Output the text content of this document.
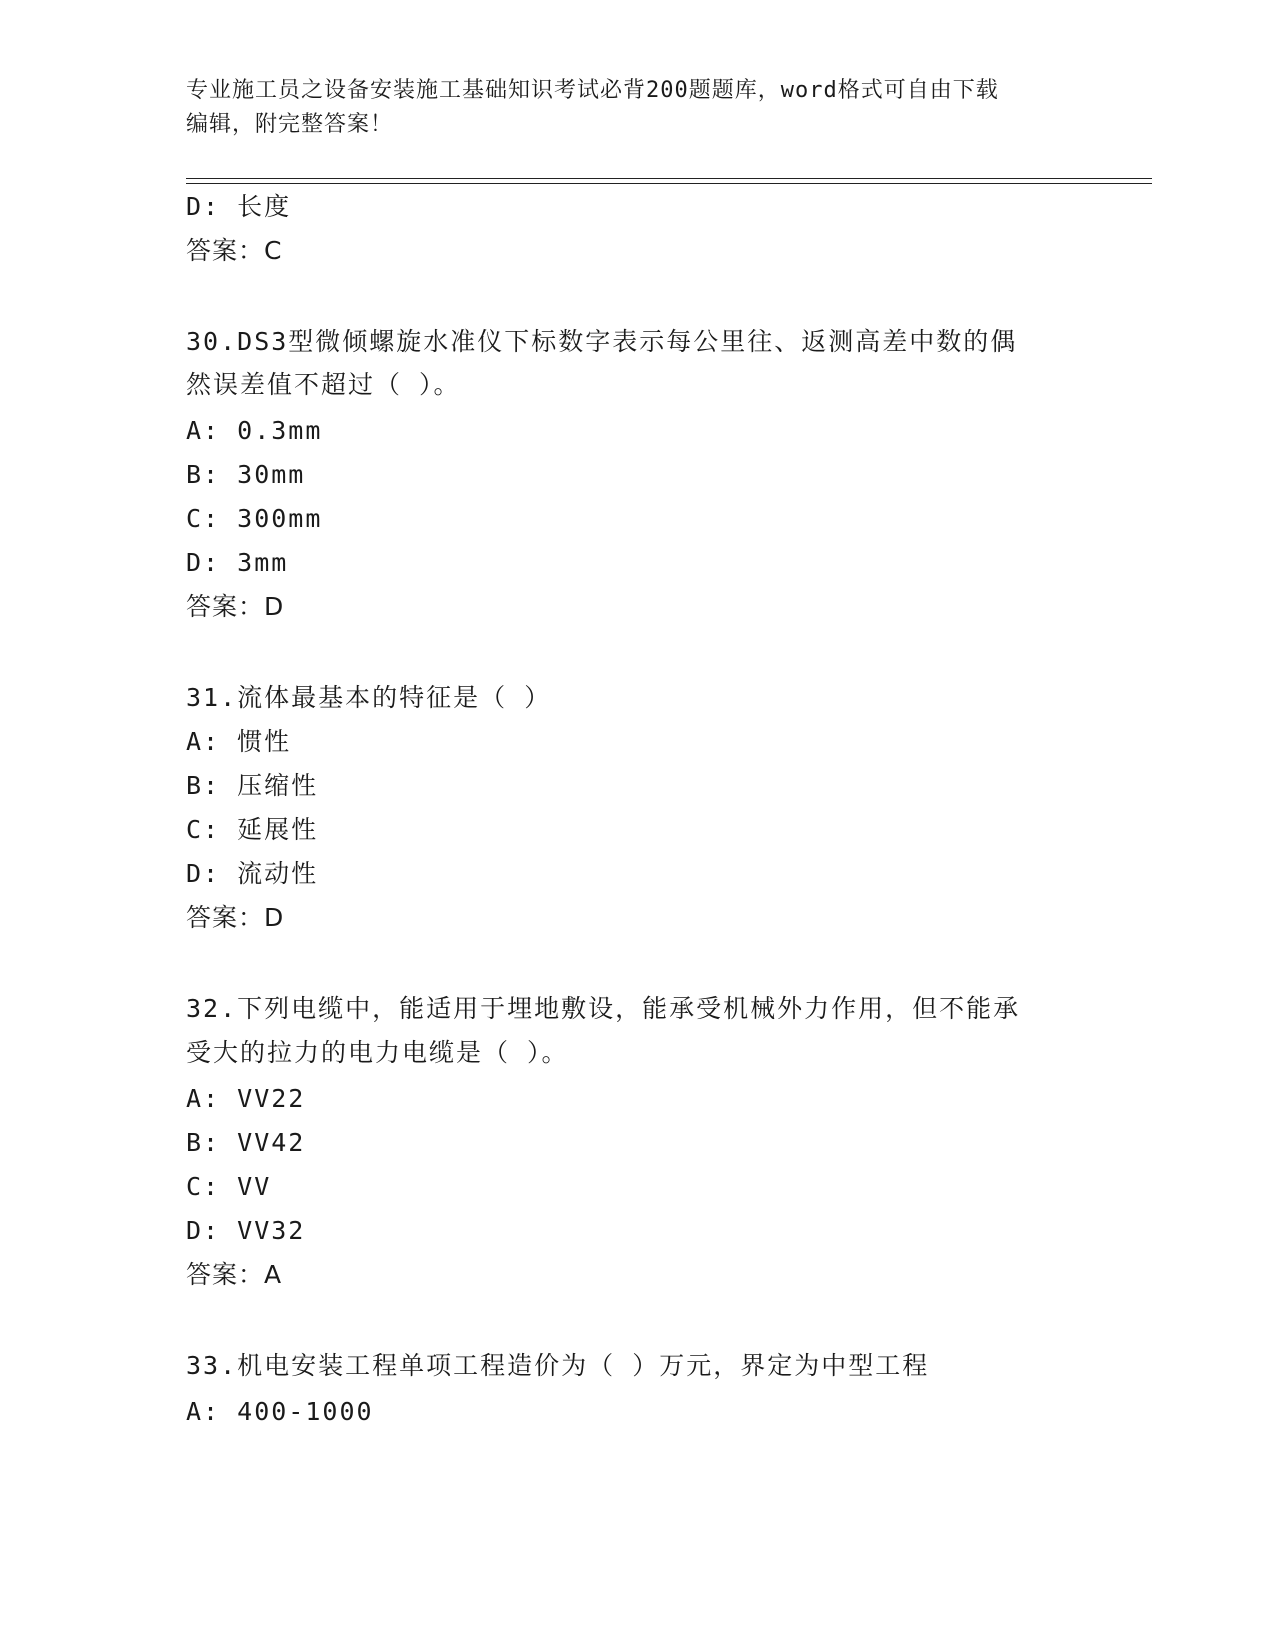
专业施工员之设备安装施工基础知识考试必背200题题库，word格式可自由下载
编辑，附完整答案！
D: 长度
答案：C
30.DS3型微倾螺旋水准仪下标数字表示每公里往、返测高差中数的偶
然误差值不超过（ ）。
A: 0.3mm
B: 30mm
C: 300mm
D: 3mm
答案：D
31.流体最基本的特征是（ ）
A: 惯性
B: 压缩性
C: 延展性
D: 流动性
答案：D
32.下列电缆中，能适用于埋地敷设，能承受机械外力作用，但不能承
受大的拉力的电力电缆是（ ）。
A: VV22
B: VV42
C: VV
D: VV32
答案：A
33.机电安装工程单项工程造价为（ ）万元，界定为中型工程
A: 400-1000
